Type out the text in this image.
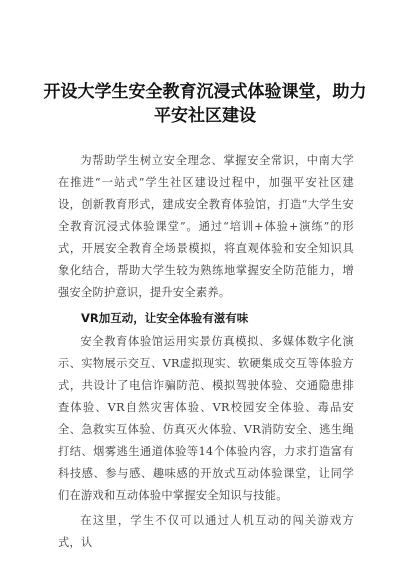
开设大学生安全教育沉浸式体验课堂，助力平安社区建设

为帮助学生树立安全理念、掌握安全常识，中南大学在推进“一站式”学生社区建设过程中，加强平安社区建设，创新教育形式，建成安全教育体验馆，打造“大学生安全教育沉浸式体验课堂”。通过“培训+体验+演练”的形式，开展安全教育全场景模拟，将直观体验和安全知识具象化结合，帮助大学生较为熟练地掌握安全防范能力，增强安全防护意识，提升安全素养。

VR加互动，让安全体验有滋有味

安全教育体验馆运用实景仿真模拟、多媒体数字化演示、实物展示交互、VR虚拟现实、软硬集成交互等体验方式，共设计了电信诈骗防范、模拟驾驶体验、交通隐患排查体验、VR自然灾害体验、VR校园安全体验、毒品安全、急救实互体验、仿真灭火体验、VR消防安全、逃生绳打结、烟雾逃生通道体验等14个体验内容，力求打造富有科技感、参与感、趣味感的开放式互动体验课堂，让同学们在游戏和互动体验中掌握安全知识与技能。

在这里，学生不仅可以通过人机互动的闯关游戏方式，认
